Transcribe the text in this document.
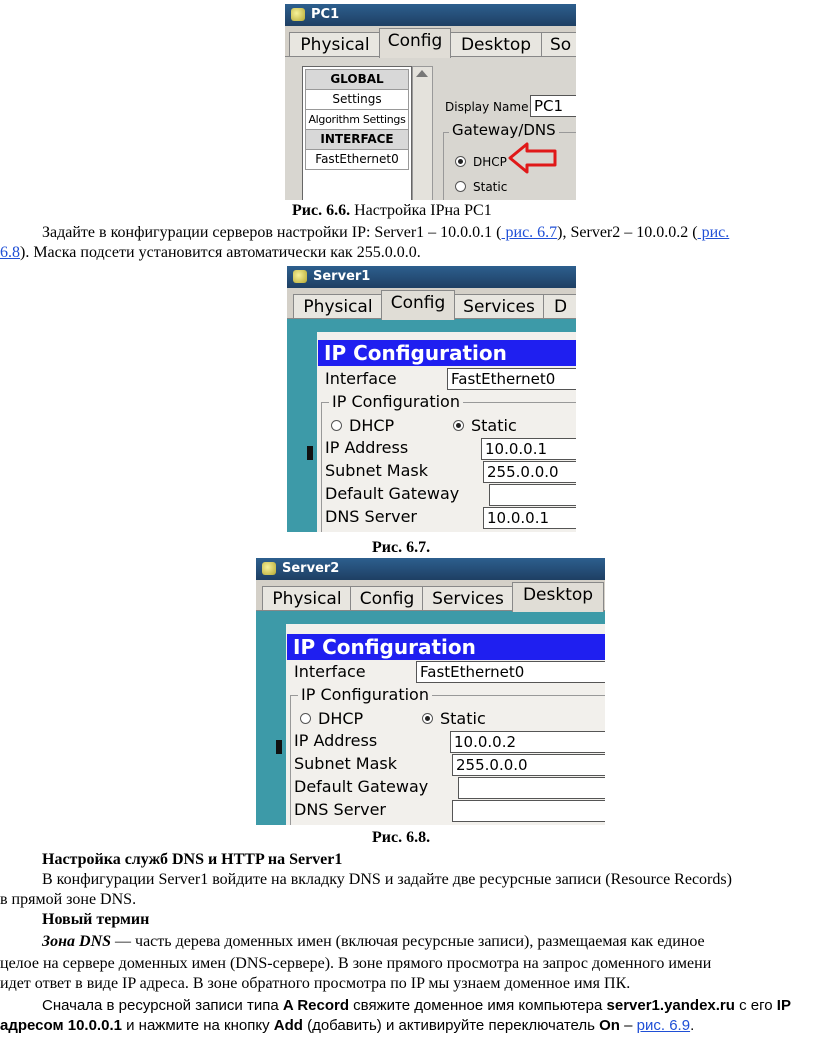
PC1
Physical	Config	Desktop	So
GLOBAL
Settings
Algorithm Settings
INTERFACE
FastEthernet0
Display Name PC1
Gateway/DNS
DHCP
Static
Рис. 6.6. Настройка IPна PC1
Задайте в конфигурации серверов настройки IP: Server1 – 10.0.0.1 ( рис. 6.7), Server2 – 10.0.0.2 ( рис.
6.8). Маска подсети установится автоматически как 255.0.0.0.
Server1
Physical	Config	Services	D
IP Configuration
Interface	FastEthernet0
IP Configuration
DHCP	Static
IP Address	10.0.0.1
Subnet Mask	255.0.0.0
Default Gateway
DNS Server	10.0.0.1
Рис. 6.7.
Server2
Physical	Config	Services	Desktop
IP Configuration
Interface	FastEthernet0
IP Configuration
DHCP	Static
IP Address	10.0.0.2
Subnet Mask	255.0.0.0
Default Gateway
DNS Server
Рис. 6.8.
Настройка служб DNS и HTTP на Server1
В конфигурации Server1 войдите на вкладку DNS и задайте две ресурсные записи (Resource Records)
в прямой зоне DNS.
Новый термин
Зона DNS — часть дерева доменных имен (включая ресурсные записи), размещаемая как единое
целое на сервере доменных имен (DNS-сервере). В зоне прямого просмотра на запрос доменного имени
идет ответ в виде IP адреса. В зоне обратного просмотра по IP мы узнаем доменное имя ПК.
Сначала в ресурсной записи типа A Record свяжите доменное имя компьютера server1.yandex.ru с его IP
адресом 10.0.0.1 и нажмите на кнопку Add (добавить) и активируйте переключатель On – рис. 6.9.
